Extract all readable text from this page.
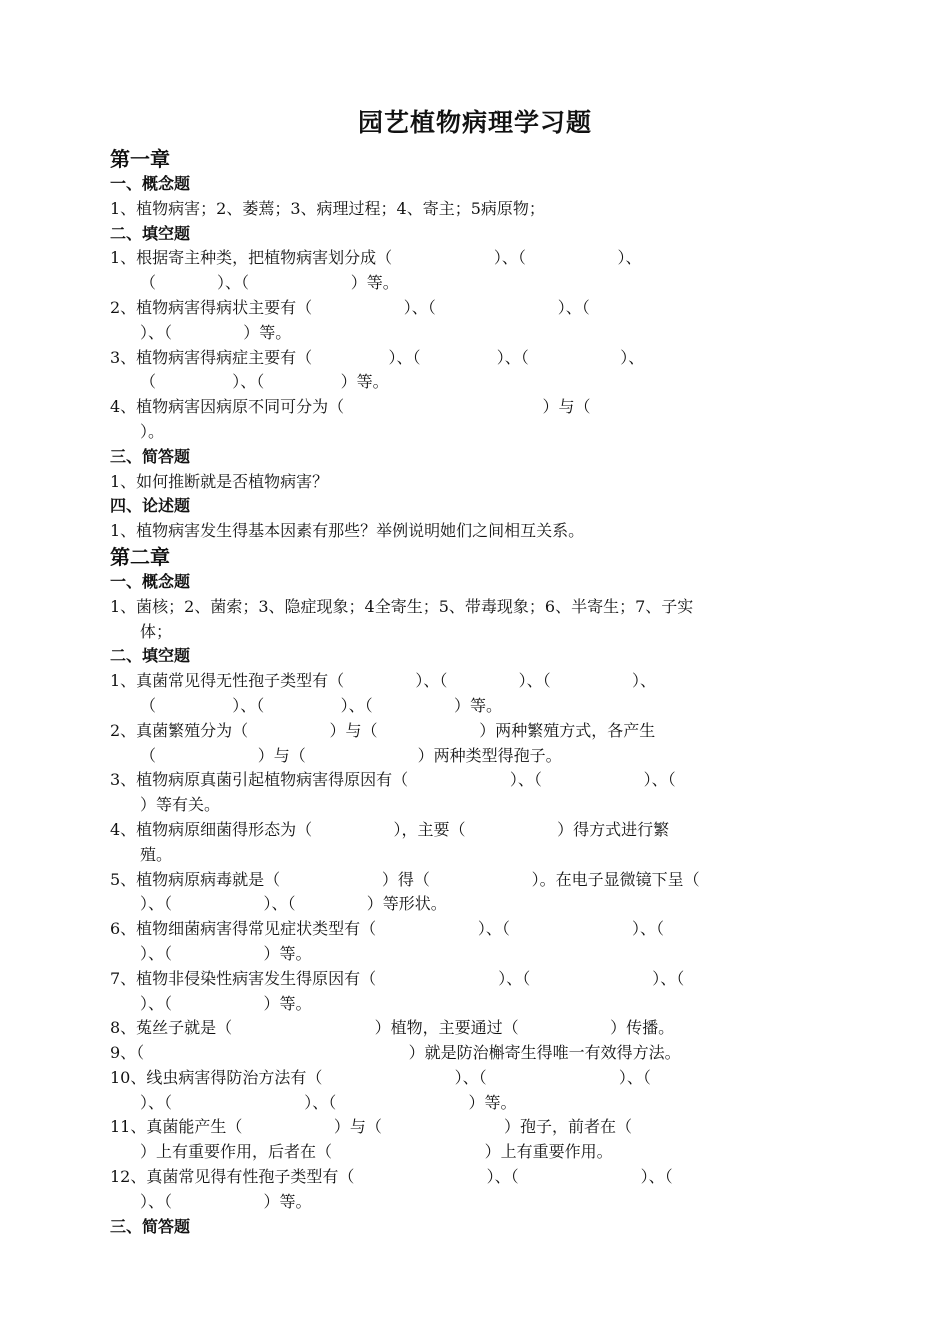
园艺植物病理学习题
第一章
一、概念题
1、植物病害；2、萎蔫；3、病理过程；4、寄主；5病原物；
二、填空题
1、根据寄主种类，把植物病害划分成（                    ）、（                  ）、
（            ）、（                    ）等。
2、植物病害得病状主要有（                  ）、（                        ）、（
）、（              ）等。
3、植物病害得病症主要有（               ）、（               ）、（                  ）、
（               ）、（               ）等。
4、植物病害因病原不同可分为（                                       ）与（
）。
三、简答题
1、如何推断就是否植物病害？
四、论述题
1、植物病害发生得基本因素有那些？举例说明她们之间相互关系。
第二章
一、概念题
1、菌核；2、菌索；3、隐症现象；4全寄生；5、带毒现象；6、半寄生；7、子实
体；
二、填空题
1、真菌常见得无性孢子类型有（              ）、（              ）、（                ）、
（               ）、（               ）、（                ）等。
2、真菌繁殖分为（                ）与（                    ）两种繁殖方式，各产生
（                    ）与（                      ）两种类型得孢子。
3、植物病原真菌引起植物病害得原因有（                    ）、（                    ）、（
）等有关。
4、植物病原细菌得形态为（                ），主要（                  ）得方式进行繁
殖。
5、植物病原病毒就是（                    ）得（                    ）。在电子显微镜下呈（
）、（                  ）、（              ）等形状。
6、植物细菌病害得常见症状类型有（                    ）、（                        ）、（
）、（                  ）等。
7、植物非侵染性病害发生得原因有（                        ）、（                        ）、（
）、（                  ）等。
8、菟丝子就是（                            ）植物，主要通过（                  ）传播。
9、（                                                    ）就是防治槲寄生得唯一有效得方法。
10、线虫病害得防治方法有（                          ）、（                          ）、（
）、（                          ）、（                          ）等。
11、真菌能产生（                  ）与（                        ）孢子，前者在（
）上有重要作用，后者在（                              ）上有重要作用。
12、真菌常见得有性孢子类型有（                          ）、（                        ）、（
）、（                  ）等。
三、简答题
